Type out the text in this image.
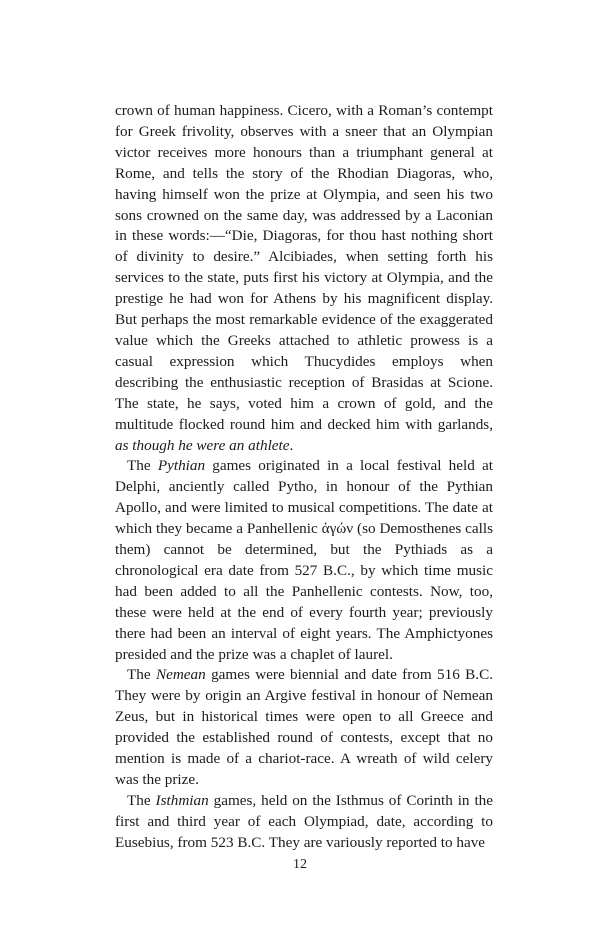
crown of human happiness. Cicero, with a Roman’s contempt for Greek frivolity, observes with a sneer that an Olympian victor receives more honours than a triumphant general at Rome, and tells the story of the Rhodian Diagoras, who, having himself won the prize at Olympia, and seen his two sons crowned on the same day, was addressed by a Laconian in these words:—“Die, Diagoras, for thou hast nothing short of divinity to desire.” Alcibiades, when setting forth his services to the state, puts first his victory at Olympia, and the prestige he had won for Athens by his magnificent display. But perhaps the most remarkable evidence of the exaggerated value which the Greeks attached to athletic prowess is a casual expression which Thucydides employs when describing the enthusiastic reception of Brasidas at Scione. The state, he says, voted him a crown of gold, and the multitude flocked round him and decked him with garlands, as though he were an athlete.

The Pythian games originated in a local festival held at Delphi, anciently called Pytho, in honour of the Pythian Apollo, and were limited to musical competitions. The date at which they became a Panhellenic ἀγών (so Demosthenes calls them) cannot be determined, but the Pythiads as a chronological era date from 527 B.C., by which time music had been added to all the Panhellenic contests. Now, too, these were held at the end of every fourth year; previously there had been an interval of eight years. The Amphictyones presided and the prize was a chaplet of laurel.

The Nemean games were biennial and date from 516 B.C. They were by origin an Argive festival in honour of Nemean Zeus, but in historical times were open to all Greece and provided the established round of contests, except that no mention is made of a chariot-race. A wreath of wild celery was the prize.

The Isthmian games, held on the Isthmus of Corinth in the first and third year of each Olympiad, date, according to Eusebius, from 523 B.C. They are variously reported to have

12
